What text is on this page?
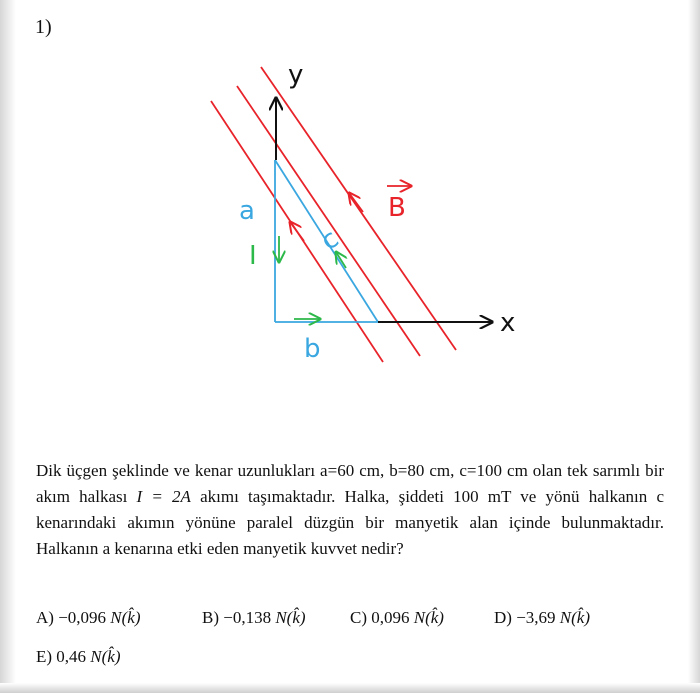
1)
y
x
B
a
b
c
I
Dik üçgen şeklinde ve kenar uzunlukları a=60 cm, b=80 cm, c=100 cm olan tek sarımlı bir akım halkası I = 2A akımı taşımaktadır. Halka, şiddeti 100 mT ve yönü halkanın c kenarındaki akımın yönüne paralel düzgün bir manyetik alan içinde bulunmaktadır. Halkanın a kenarına etki eden manyetik kuvvet nedir?
A) −0,096 N(k̂)	B) −0,138 N(k̂)	C) 0,096 N(k̂)	D) −3,69 N(k̂)
E) 0,46 N(k̂)
